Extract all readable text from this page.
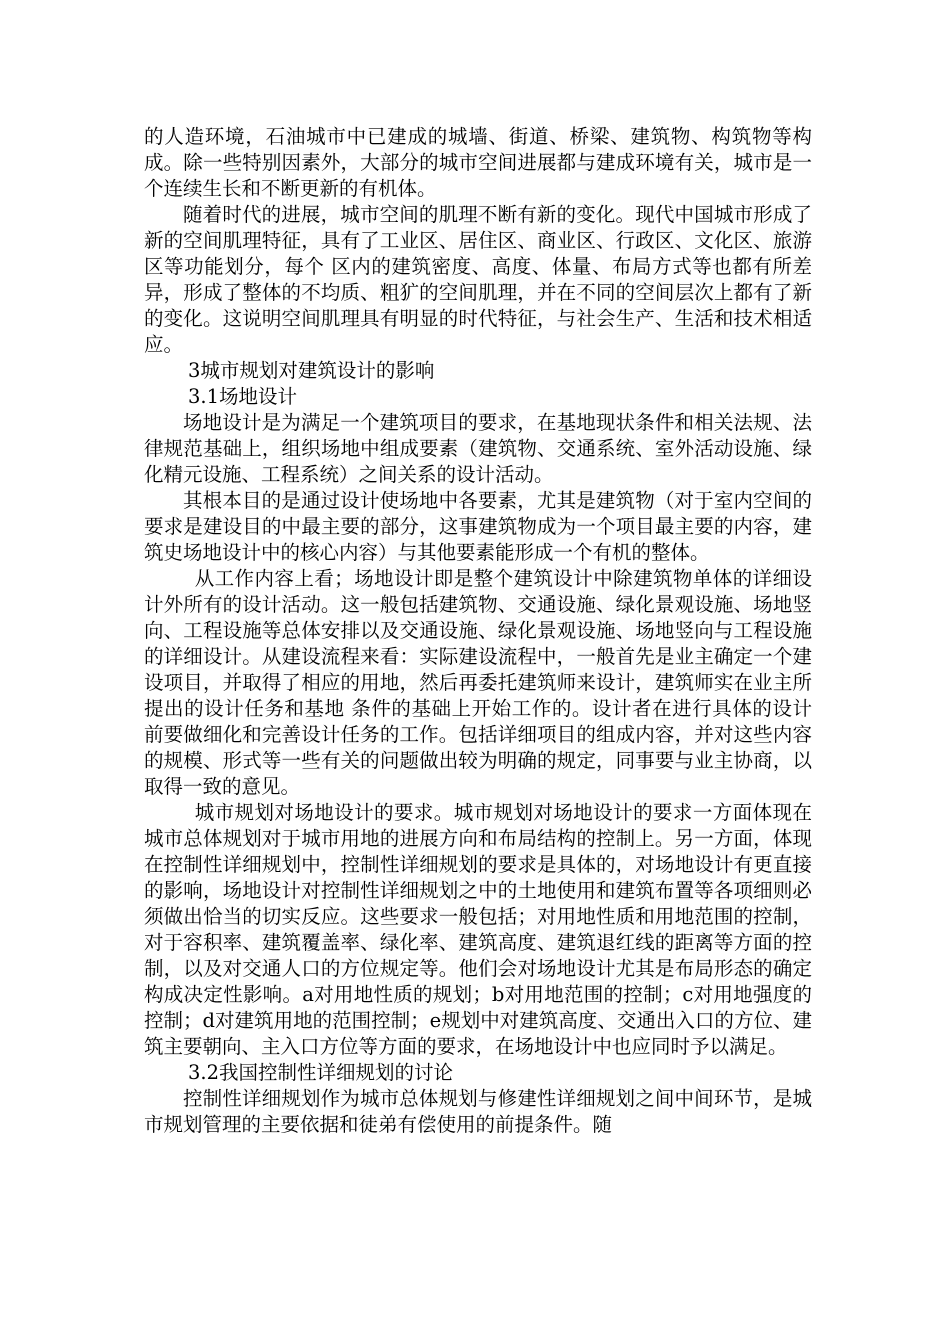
的人造环境，石油城市中已建成的城墙、街道、桥梁、建筑物、构筑物等构成。除一些特别因素外，大部分的城市空间进展都与建成环境有关，城市是一个连续生长和不断更新的有机体。

随着时代的进展，城市空间的肌理不断有新的变化。现代中国城市形成了新的空间肌理特征，具有了工业区、居住区、商业区、行政区、文化区、旅游区等功能划分，每个 区内的建筑密度、高度、体量、布局方式等也都有所差异，形成了整体的不均质、粗犷的空间肌理，并在不同的空间层次上都有了新的变化。这说明空间肌理具有明显的时代特征，与社会生产、生活和技术相适应。

3城市规划对建筑设计的影响

3.1场地设计

场地设计是为满足一个建筑项目的要求，在基地现状条件和相关法规、法律规范基础上，组织场地中组成要素（建筑物、交通系统、室外活动设施、绿化精元设施、工程系统）之间关系的设计活动。

其根本目的是通过设计使场地中各要素，尤其是建筑物（对于室内空间的要求是建设目的中最主要的部分，这事建筑物成为一个项目最主要的内容，建筑史场地设计中的核心内容）与其他要素能形成一个有机的整体。

从工作内容上看；场地设计即是整个建筑设计中除建筑物单体的详细设计外所有的设计活动。这一般包括建筑物、交通设施、绿化景观设施、场地竖向、工程设施等总体安排以及交通设施、绿化景观设施、场地竖向与工程设施的详细设计。从建设流程来看：实际建设流程中，一般首先是业主确定一个建设项目，并取得了相应的用地，然后再委托建筑师来设计，建筑师实在业主所提出的设计任务和基地 条件的基础上开始工作的。设计者在进行具体的设计前要做细化和完善设计任务的工作。包括详细项目的组成内容，并对这些内容的规模、形式等一些有关的问题做出较为明确的规定，同事要与业主协商，以取得一致的意见。

城市规划对场地设计的要求。城市规划对场地设计的要求一方面体现在城市总体规划对于城市用地的进展方向和布局结构的控制上。另一方面，体现在控制性详细规划中，控制性详细规划的要求是具体的，对场地设计有更直接的影响，场地设计对控制性详细规划之中的土地使用和建筑布置等各项细则必须做出恰当的切实反应。这些要求一般包括；对用地性质和用地范围的控制，对于容积率、建筑覆盖率、绿化率、建筑高度、建筑退红线的距离等方面的控制，以及对交通人口的方位规定等。他们会对场地设计尤其是布局形态的确定构成决定性影响。a对用地性质的规划；b对用地范围的控制；c对用地强度的控制；d对建筑用地的范围控制；e规划中对建筑高度、交通出入口的方位、建筑主要朝向、主入口方位等方面的要求，在场地设计中也应同时予以满足。

3.2我国控制性详细规划的讨论

控制性详细规划作为城市总体规划与修建性详细规划之间中间环节，是城市规划管理的主要依据和徒弟有偿使用的前提条件。随
